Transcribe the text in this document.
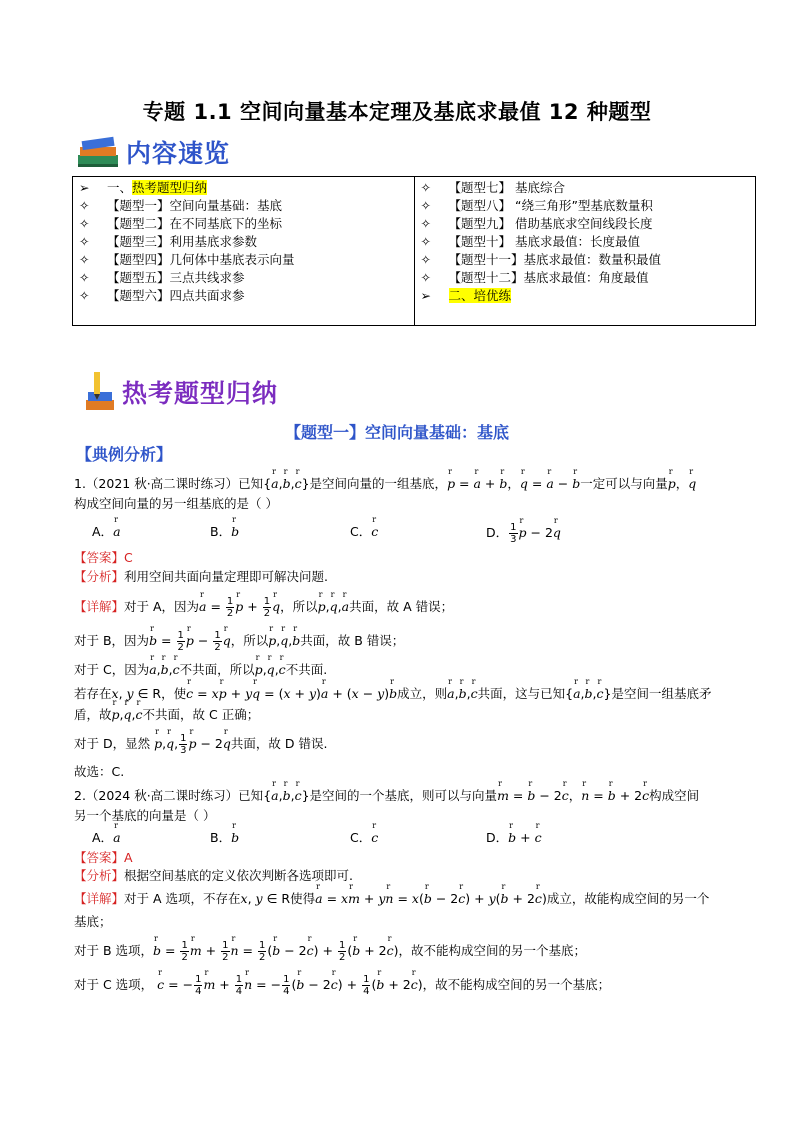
专题 1.1 空间向量基本定理及基底求最值 12 种题型
内容速览
➢ 一、热考题型归纳
✧ 【题型一】空间向量基础：基底
✧ 【题型二】在不同基底下的坐标
✧ 【题型三】利用基底求参数
✧ 【题型四】几何体中基底表示向量
✧ 【题型五】三点共线求参
✧ 【题型六】四点共面求参
✧ 【题型七】 基底综合
✧ 【题型八】 “绕三角形”型基底数量积
✧ 【题型九】 借助基底求空间线段长度
✧ 【题型十】 基底求最值：长度最值
✧ 【题型十一】基底求最值：数量积最值
✧ 【题型十二】基底求最值：角度最值
➢ 二、培优练
热考题型归纳
【题型一】空间向量基础：基底
【典例分析】
1.（2021 秋·高二课时练习）已知{r a,r b,r c}是空间向量的一组基底，r p = r a + r b，r q = r a − r b一定可以与向量r p，r q
构成空间向量的另一组基底的是（ ）
A．r a	B．r b	C．r c	D． $\frac{1}{3}$ r p − 2r q
【答案】C
【分析】利用空间共面向量定理即可解决问题.
【详解】对于 A，因为r $a = \frac{1}{2}$ r $p + \frac{1}{2}$ r q，所以r p,r q,r a共面，故 A 错误；
对于 B，因为r $b = \frac{1}{2}$ r $p - \frac{1}{2}$ r q，所以r p,r q,r b共面，故 B 错误；
对于 C，因为r a,r b,r c不共面，所以r p,r q,r c不共面.
若存在x, y ∈ R，使r c = xr p + yr q = (x + y)r a + (x − y)r b成立，则r a,r b,r c共面，这与已知{r a,r b,r c}是空间一组基底矛
盾，故r p,r q,r c不共面，故 C 正确；
对于 D，显然 r p,r q, $\frac{1}{3}$ r p − 2r q共面，故 D 错误.
故选：C.
2.（2024 秋·高二课时练习）已知{r a,r b,r c}是空间的一个基底，则可以与向量r m = r b − 2r c，r n = r b + 2r c构成空间
另一个基底的向量是（ ）
A．r a	B．r b	C．r c	D．r b + r c
【答案】A
【分析】根据空间基底的定义依次判断各选项即可.
【详解】对于 A 选项，不存在x, y ∈ R使得r a = xr m + yr n = x(r b − 2r c) + y(r b + 2r c)成立，故能构成空间的另一个
基底；
对于 B 选项，r $b = \frac{1}{2}$ r $m + \frac{1}{2}$ r $n = \frac{1}{2} (r$ b − 2r $c) + \frac{1}{2} (r$ b + 2r c)，故不能构成空间的另一个基底；
对于 C 选项， r c = − $\frac{1}{4}$ r $m + \frac{1}{4}$ r n = − $\frac{1}{4} (r$ b − 2r $c) + \frac{1}{4} (r$ b + 2r c)，故不能构成空间的另一个基底；
